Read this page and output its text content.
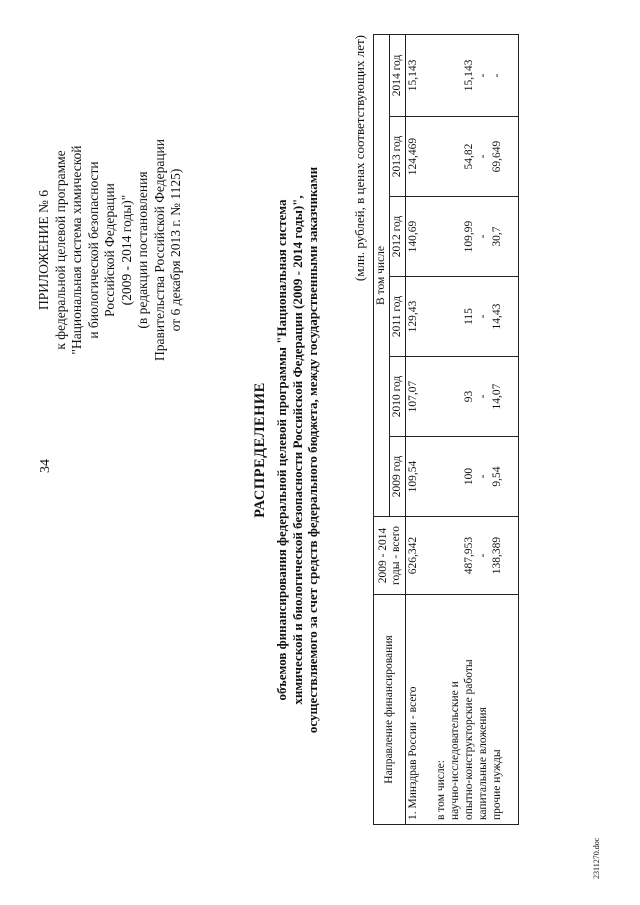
34
ПРИЛОЖЕНИЕ № 6 к федеральной целевой программе "Национальная система химической и биологической безопасности Российской Федерации (2009 - 2014 годы)" (в редакции постановления Правительства Российской Федерации от 6 декабря 2013 г. № 1125)
РАСПРЕДЕЛЕНИЕ объемов финансирования федеральной целевой программы "Национальная система химической и биологической безопасности Российской Федерации (2009 - 2014 годы)", осуществляемого за счет средств федерального бюджета, между государственными заказчиками
(млн. рублей, в ценах соответствующих лет)
Направление финансирования	2009 - 2014 годы - всего	В том числе					
		2009 год	2010 год	2011 год	2012 год	2013 год	2014 год
1. Минздрав России - всего	626,342	109,54	107,07	129,43	140,69	124,469	15,143

в том числе:							
научно-исследовательские и							
опытно-конструкторские работы	487,953	100	93	115	109,99	54,82	15,143
капитальные вложения	-	-	-	-	-	-	-
прочие нужды	138,389	9,54	14,07	14,43	30,7	69,649	-

2311270.doc
